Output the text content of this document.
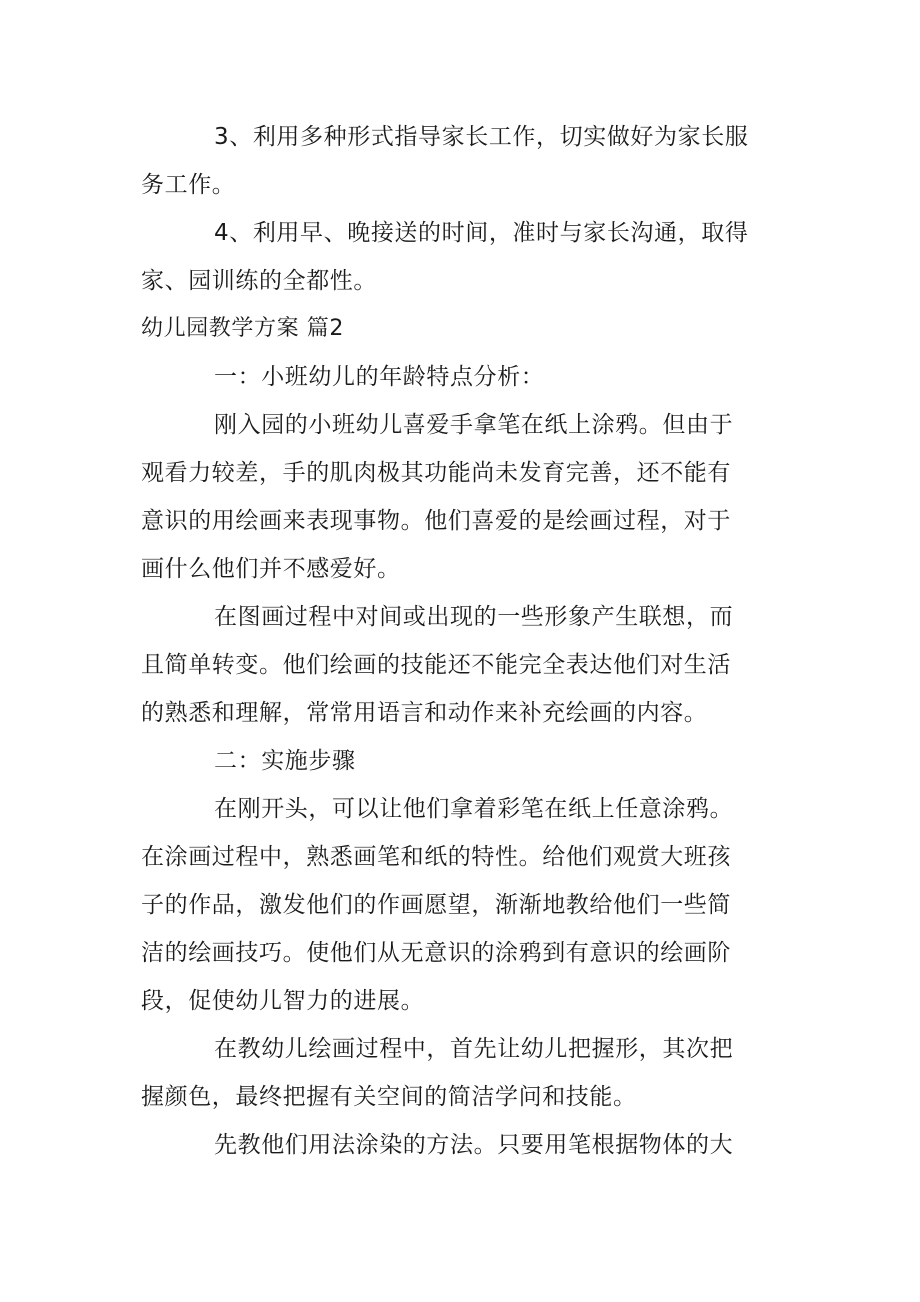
3、利用多种形式指导家长工作，切实做好为家长服
务工作。
4、利用早、晚接送的时间，准时与家长沟通，取得
家、园训练的全都性。
幼儿园教学方案 篇2
一：小班幼儿的年龄特点分析：
刚入园的小班幼儿喜爱手拿笔在纸上涂鸦。但由于
观看力较差，手的肌肉极其功能尚未发育完善，还不能有
意识的用绘画来表现事物。他们喜爱的是绘画过程，对于
画什么他们并不感爱好。
在图画过程中对间或出现的一些形象产生联想，而
且简单转变。他们绘画的技能还不能完全表达他们对生活
的熟悉和理解，常常用语言和动作来补充绘画的内容。
二：实施步骤
在刚开头，可以让他们拿着彩笔在纸上任意涂鸦。
在涂画过程中，熟悉画笔和纸的特性。给他们观赏大班孩
子的作品，激发他们的作画愿望，渐渐地教给他们一些简
洁的绘画技巧。使他们从无意识的涂鸦到有意识的绘画阶
段，促使幼儿智力的进展。
在教幼儿绘画过程中，首先让幼儿把握形，其次把
握颜色，最终把握有关空间的简洁学问和技能。
先教他们用法涂染的方法。只要用笔根据物体的大
